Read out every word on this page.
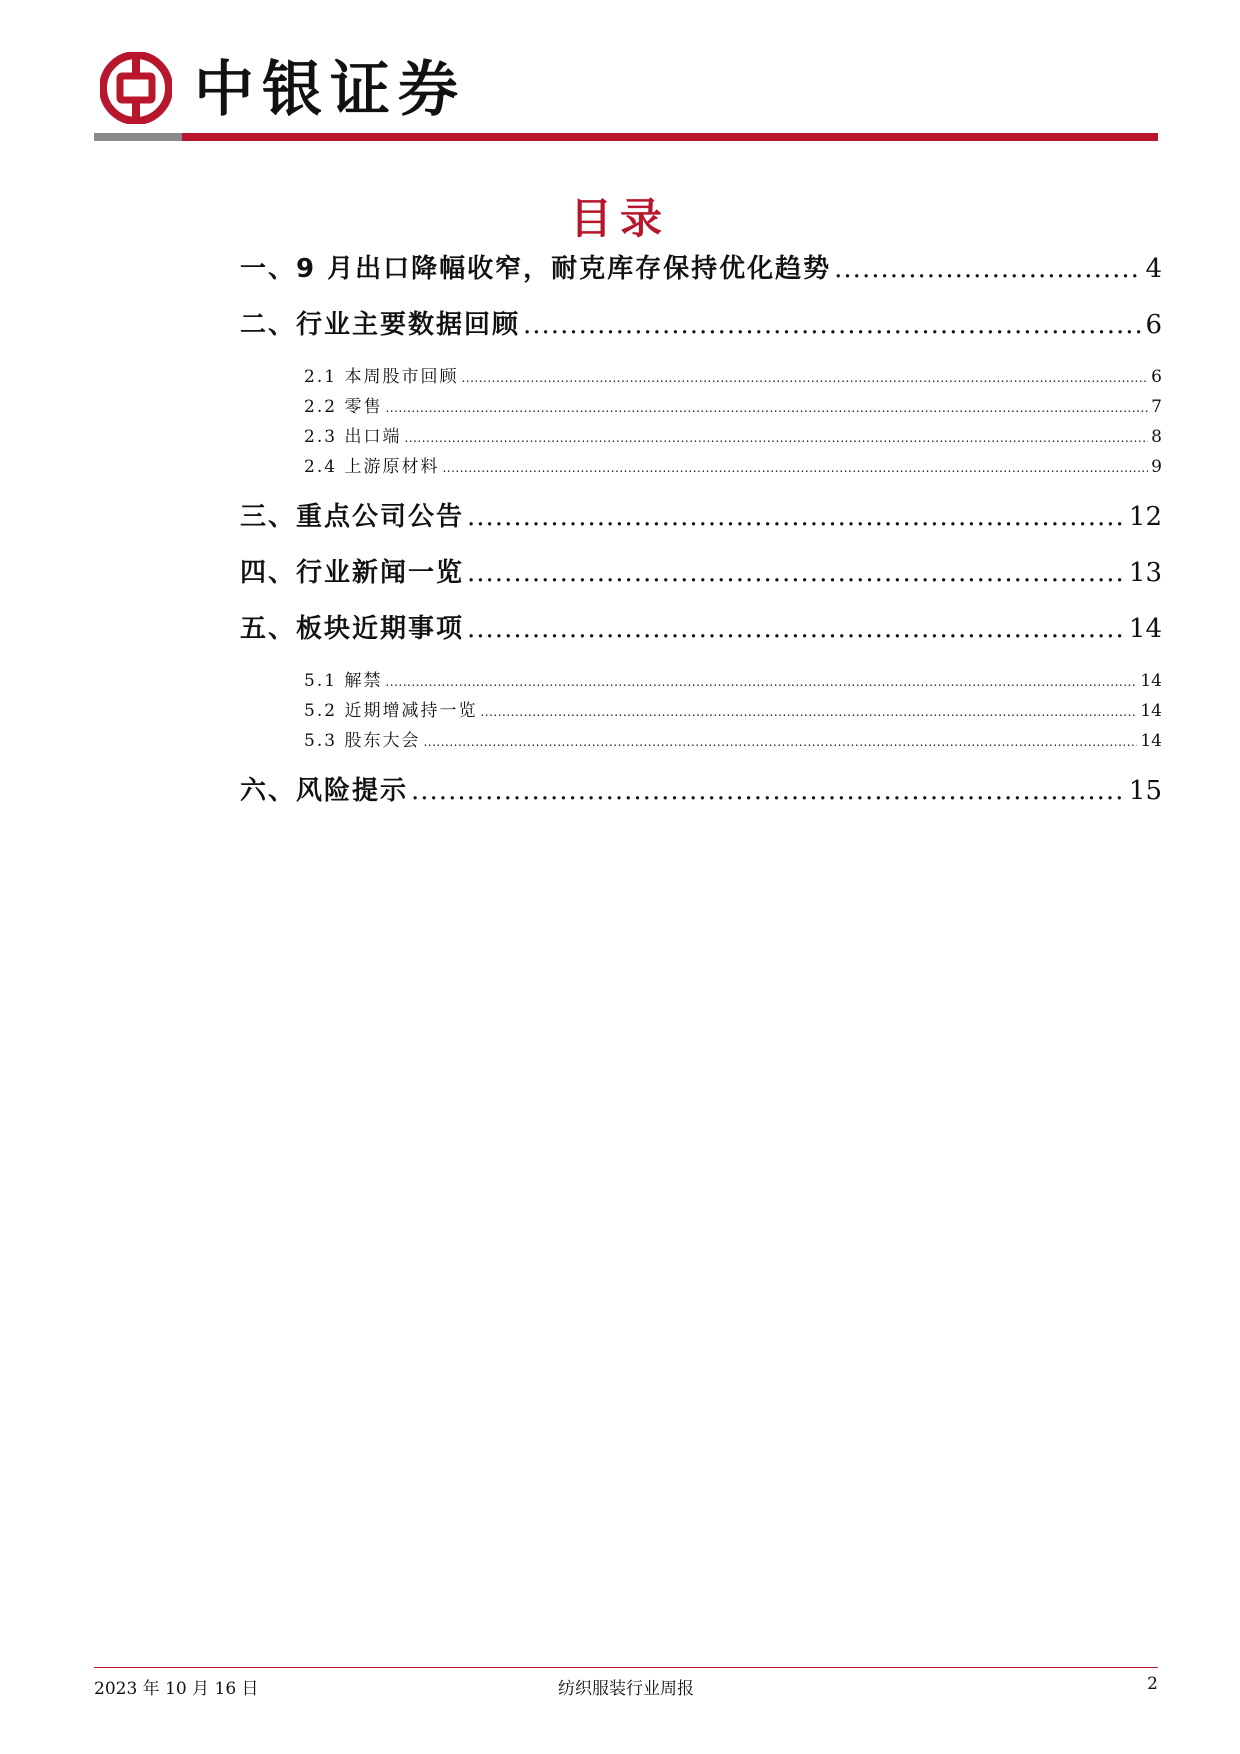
中银证券
目录
一、9 月出口降幅收窄，耐克库存保持优化趋势 .....	4
二、行业主要数据回顾 .....	6
2.1 本周股市回顾 .....	6
2.2 零售 .....	7
2.3 出口端 .....	8
2.4 上游原材料 .....	9
三、重点公司公告 .....	12
四、行业新闻一览 .....	13
五、板块近期事项 .....	14
5.1 解禁 .....	14
5.2 近期增减持一览 .....	14
5.3 股东大会 .....	14
六、风险提示 .....	15
2023 年 10 月 16 日	纺织服装行业周报	2
